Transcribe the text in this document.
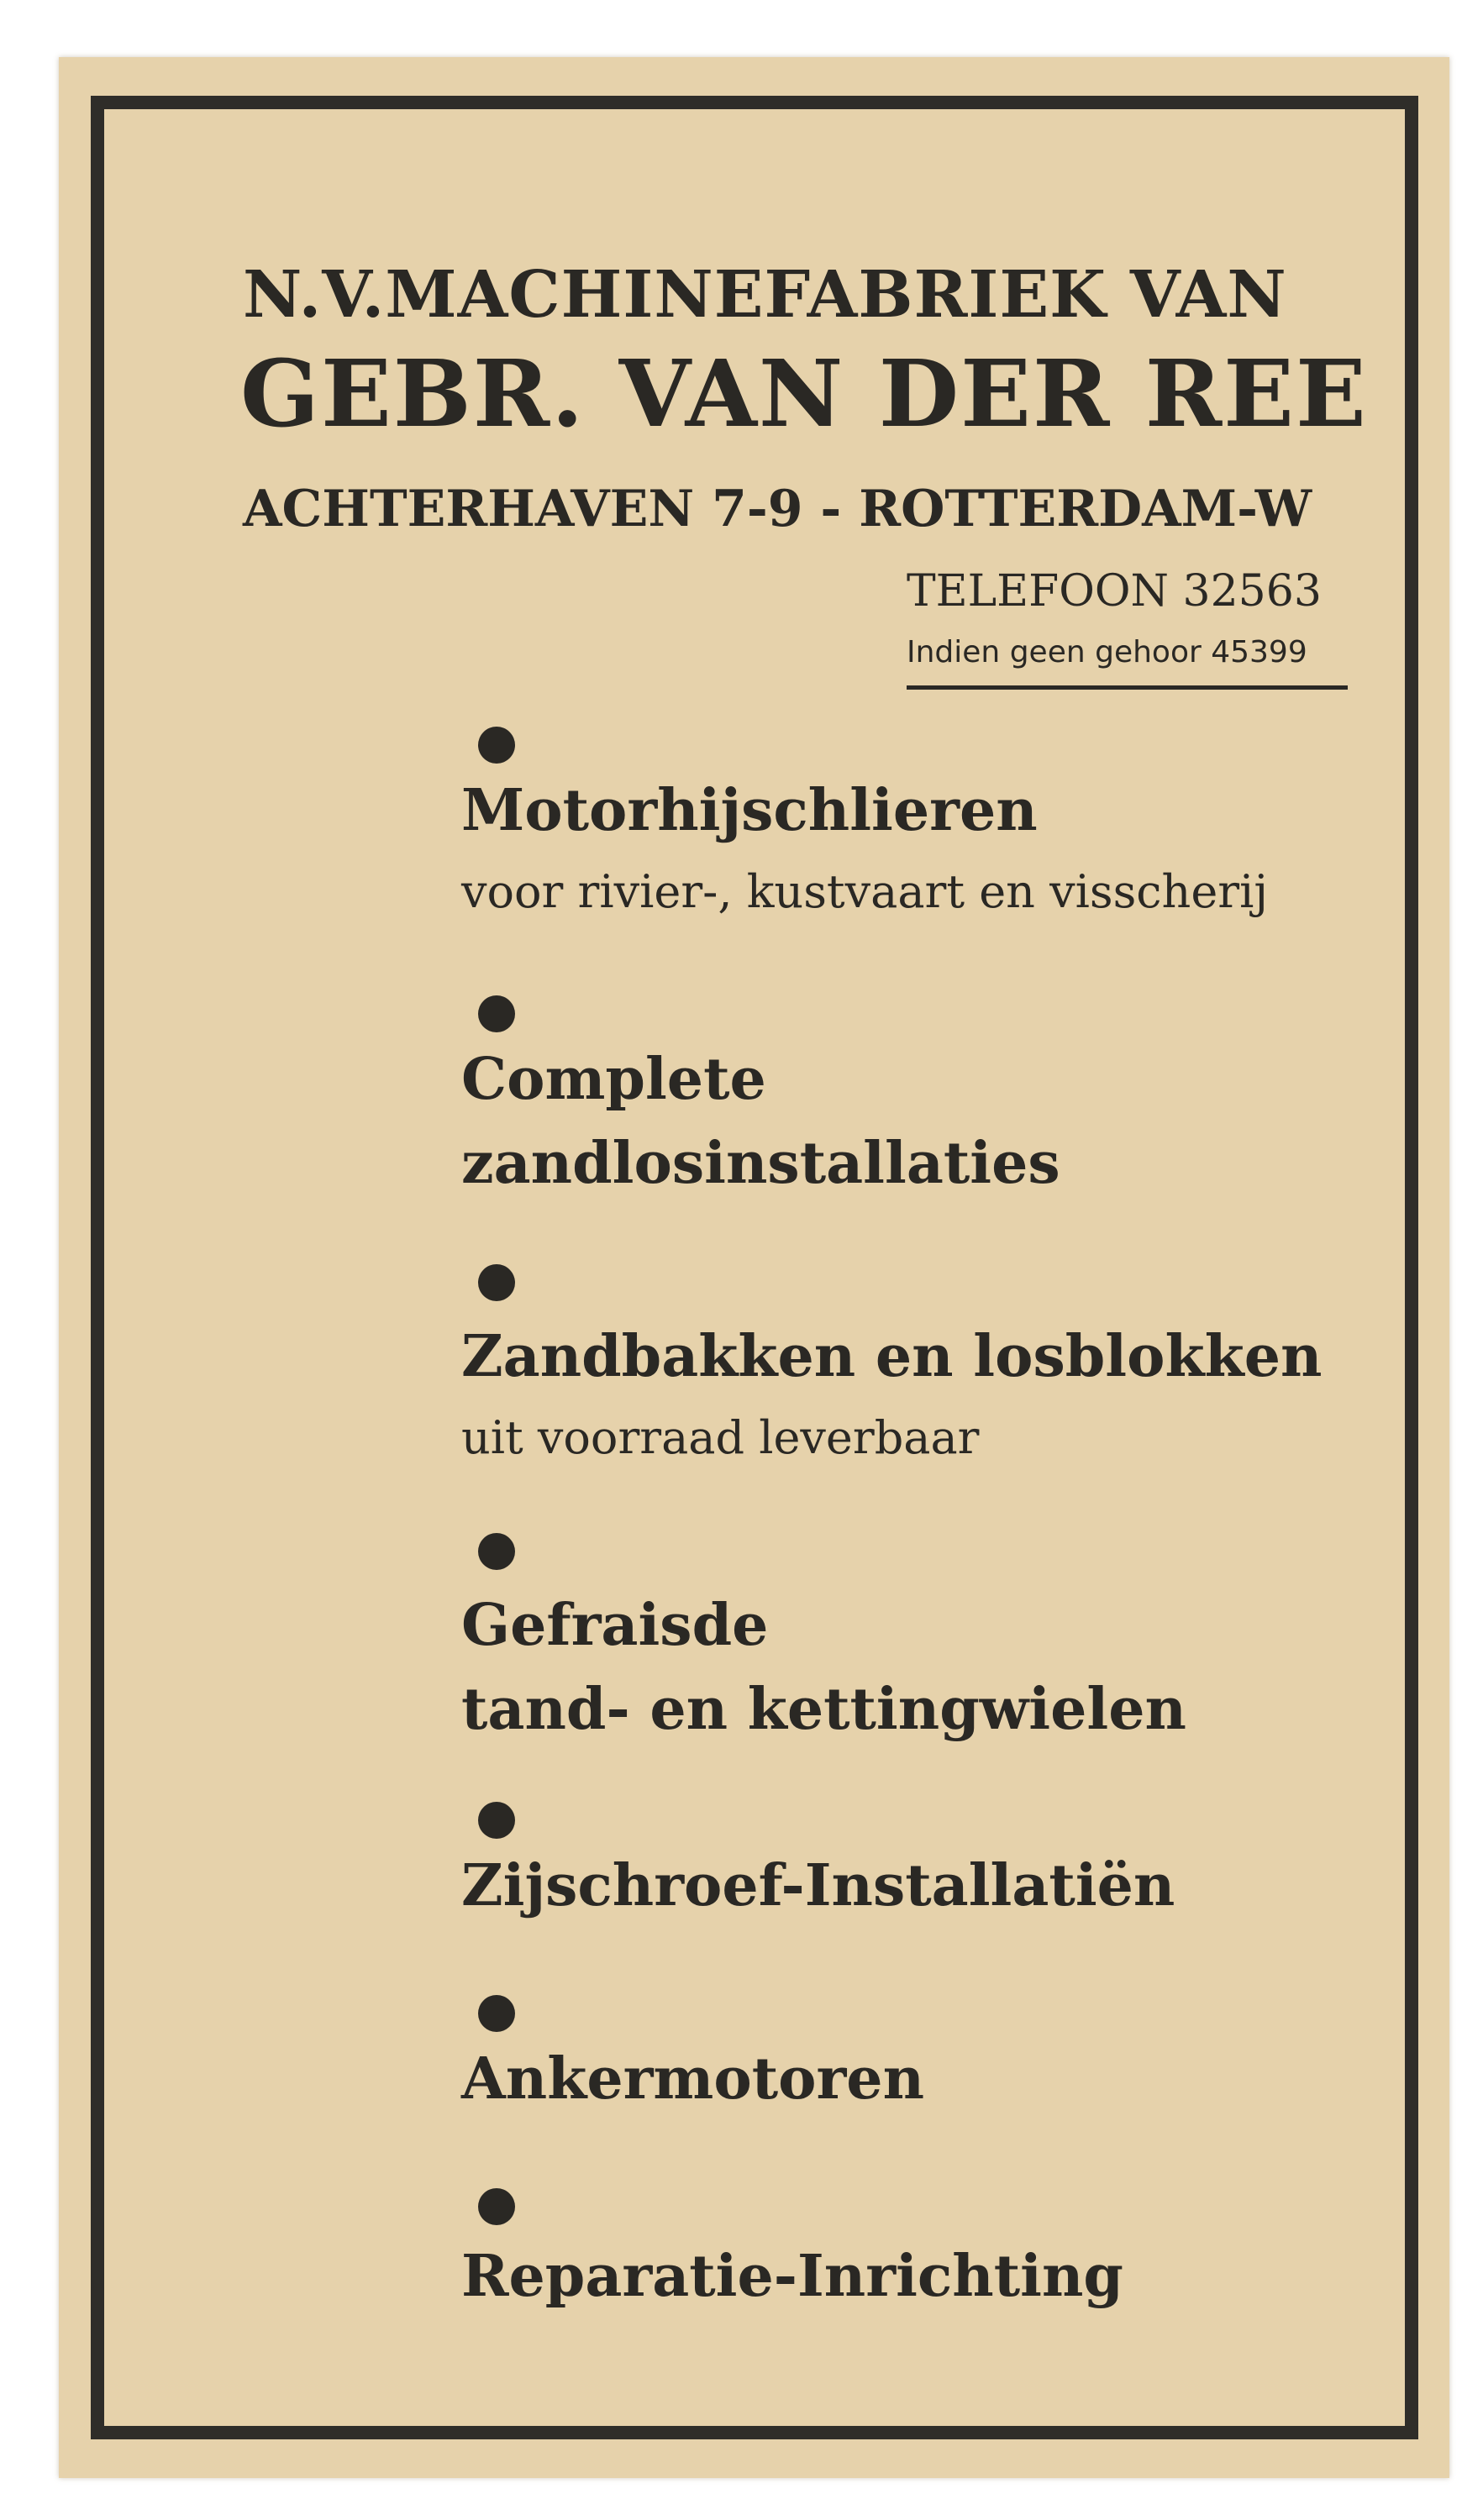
N.V.MACHINEFABRIEK VAN
GEBR. VAN DER REE
ACHTERHAVEN 7-9 - ROTTERDAM-W
TELEFOON 32563
Indien geen gehoor 45399
Motorhijschlieren
voor rivier-, kustvaart en visscherij
Complete
zandlosinstallaties
Zandbakken en losblokken
uit voorraad leverbaar
Gefraisde
tand- en kettingwielen
Zijschroef-Installatiën
Ankermotoren
Reparatie-Inrichting
